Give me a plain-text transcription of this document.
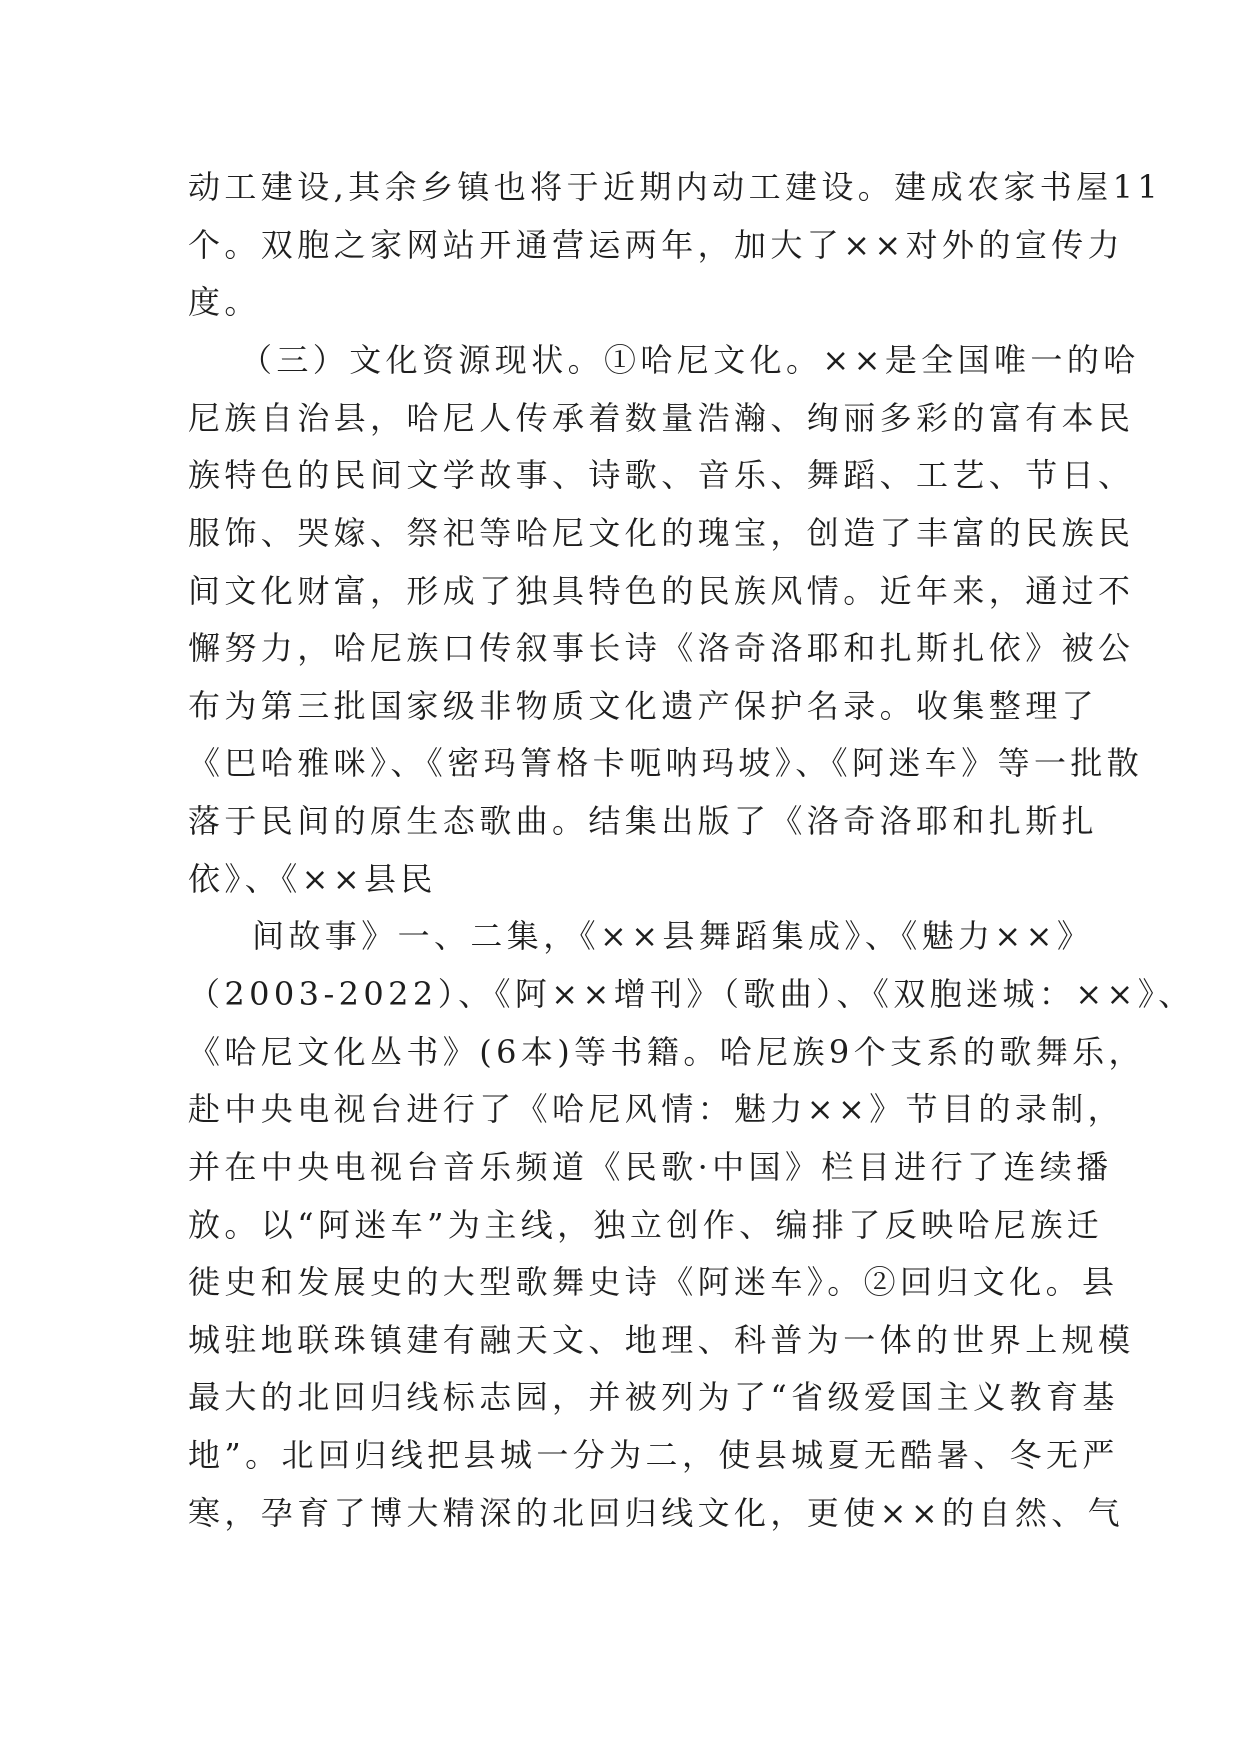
动工建设,其余乡镇也将于近期内动工建设。建成农家书屋11
个。双胞之家网站开通营运两年，加大了××对外的宣传力
度。
（三）文化资源现状。①哈尼文化。××是全国唯一的哈
尼族自治县，哈尼人传承着数量浩瀚、绚丽多彩的富有本民
族特色的民间文学故事、诗歌、音乐、舞蹈、工艺、节日、
服饰、哭嫁、祭祀等哈尼文化的瑰宝，创造了丰富的民族民
间文化财富，形成了独具特色的民族风情。近年来，通过不
懈努力，哈尼族口传叙事长诗《洛奇洛耶和扎斯扎依》被公
布为第三批国家级非物质文化遗产保护名录。收集整理了
《巴哈雅咪》、《密玛箐格卡呃呐玛坡》、《阿迷车》等一批散
落于民间的原生态歌曲。结集出版了《洛奇洛耶和扎斯扎
依》、《××县民
间故事》一、二集，《××县舞蹈集成》、《魅力××》
（2003-2022）、《阿××增刊》（歌曲）、《双胞迷城：××》、
《哈尼文化丛书》(6本)等书籍。哈尼族9个支系的歌舞乐，
赴中央电视台进行了《哈尼风情：魅力××》节目的录制，
并在中央电视台音乐频道《民歌·中国》栏目进行了连续播
放。以“阿迷车”为主线，独立创作、编排了反映哈尼族迁
徙史和发展史的大型歌舞史诗《阿迷车》。②回归文化。县
城驻地联珠镇建有融天文、地理、科普为一体的世界上规模
最大的北回归线标志园，并被列为了“省级爱国主义教育基
地”。北回归线把县城一分为二，使县城夏无酷暑、冬无严
寒，孕育了博大精深的北回归线文化，更使××的自然、气
